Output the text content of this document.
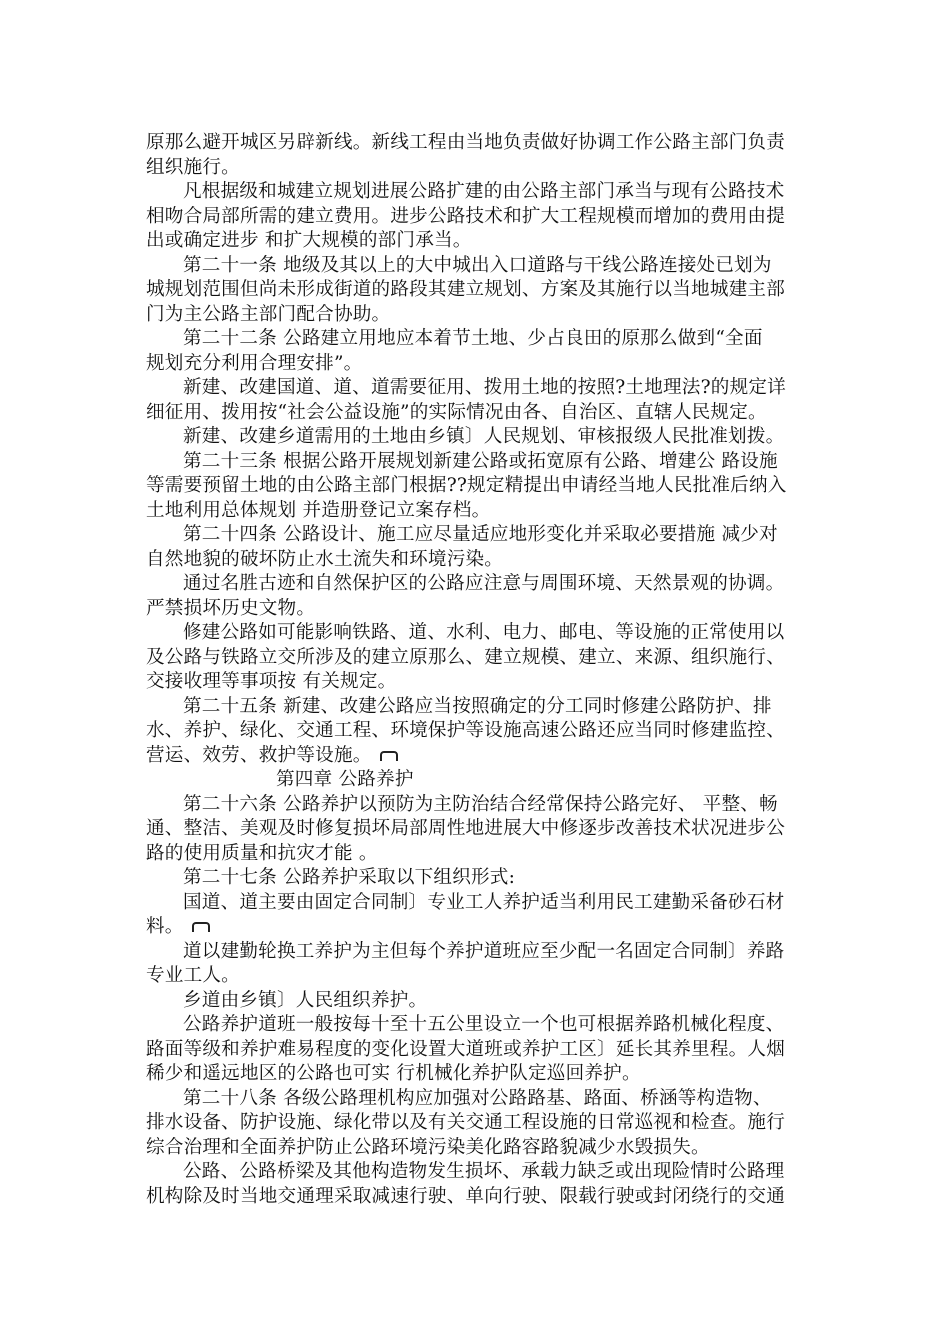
原那么避开城区另辟新线。新线工程由当地负责做好协调工作公路主部门负责
组织施行。
凡根据级和城建立规划进展公路扩建的由公路主部门承当与现有公路技术
相吻合局部所需的建立费用。进步公路技术和扩大工程规模而增加的费用由提
出或确定进步 和扩大规模的部门承当。
第二十一条 地级及其以上的大中城出入口道路与干线公路连接处已划为
城规划范围但尚未形成街道的路段其建立规划、方案及其施行以当地城建主部
门为主公路主部门配合协助。
第二十二条 公路建立用地应本着节土地、少占良田的原那么做到“全面
规划充分利用合理安排”。
新建、改建国道、道、道需要征用、拨用土地的按照?土地理法?的规定详
细征用、拨用按“社会公益设施”的实际情况由各、自治区、直辖人民规定。
新建、改建乡道需用的土地由乡镇〕人民规划、审核报级人民批准划拨。
第二十三条 根据公路开展规划新建公路或拓宽原有公路、增建公 路设施
等需要预留土地的由公路主部门根据??规定精提出申请经当地人民批准后纳入
土地利用总体规划 并造册登记立案存档。
第二十四条 公路设计、施工应尽量适应地形变化并采取必要措施 减少对
自然地貌的破坏防止水土流失和环境污染。
通过名胜古迹和自然保护区的公路应注意与周围环境、天然景观的协调。
严禁损坏历史文物。
修建公路如可能影响铁路、道、水利、电力、邮电、等设施的正常使用以
及公路与铁路立交所涉及的建立原那么、建立规模、建立、来源、组织施行、
交接收理等事项按 有关规定。
第二十五条 新建、改建公路应当按照确定的分工同时修建公路防护、排
水、养护、绿化、交通工程、环境保护等设施高速公路还应当同时修建监控、
营运、效劳、救护等设施。
第四章 公路养护
第二十六条 公路养护以预防为主防治结合经常保持公路完好、 平整、畅
通、整洁、美观及时修复损坏局部周性地进展大中修逐步改善技术状况进步公
路的使用质量和抗灾才能 。
第二十七条 公路养护采取以下组织形式:
国道、道主要由固定合同制〕专业工人养护适当利用民工建勤采备砂石材
料。
道以建勤轮换工养护为主但每个养护道班应至少配一名固定合同制〕养路
专业工人。
乡道由乡镇〕人民组织养护。
公路养护道班一般按每十至十五公里设立一个也可根据养路机械化程度、
路面等级和养护难易程度的变化设置大道班或养护工区〕延长其养里程。人烟
稀少和遥远地区的公路也可实 行机械化养护队定巡回养护。
第二十八条 各级公路理机构应加强对公路路基、路面、桥涵等构造物、
排水设备、防护设施、绿化带以及有关交通工程设施的日常巡视和检查。施行
综合治理和全面养护防止公路环境污染美化路容路貌减少水毁损失。
公路、公路桥梁及其他构造物发生损坏、承载力缺乏或出现险情时公路理
机构除及时当地交通理采取减速行驶、单向行驶、限载行驶或封闭绕行的交通
